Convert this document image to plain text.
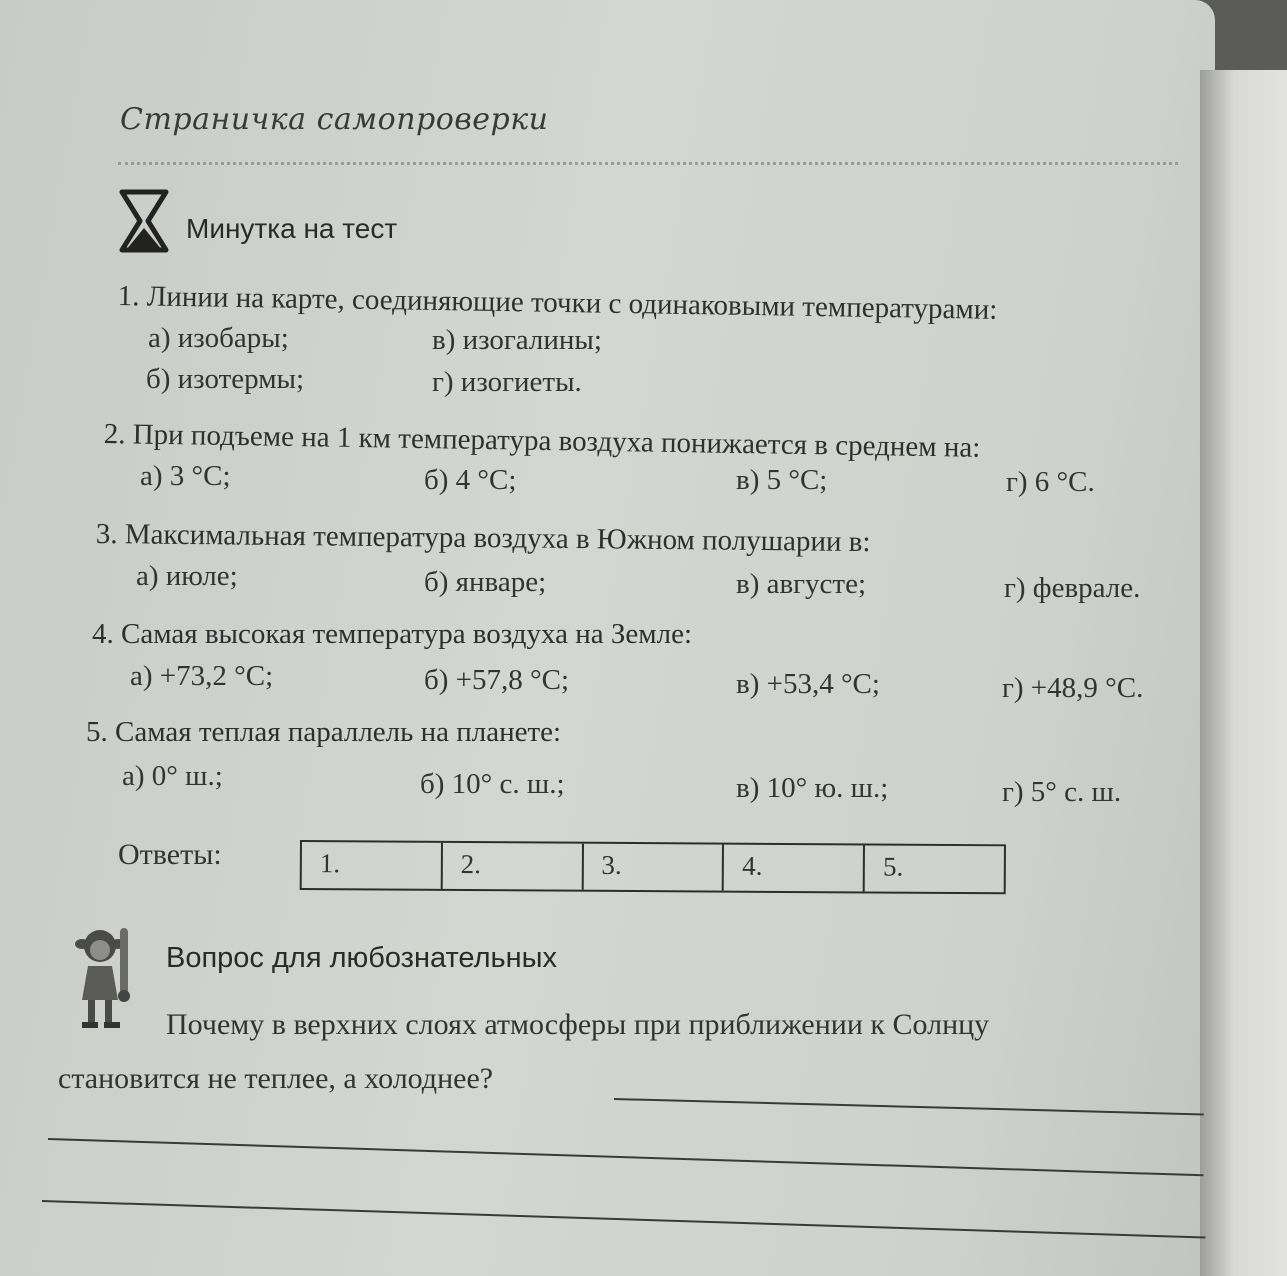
Страничка самопроверки
Минутка на тест
1. Линии на карте, соединяющие точки с одинаковыми температурами:
а) изобары;	в) изогалины;
б) изотермы;	г) изогиеты.
2. При подъеме на 1 км температура воздуха понижается в среднем на:
а) 3 °С;	б) 4 °С;	в) 5 °С;	г) 6 °С.
3. Максимальная температура воздуха в Южном полушарии в:
а) июле;	б) январе;	в) августе;	г) феврале.
4. Самая высокая температура воздуха на Земле:
а) +73,2 °С;	б) +57,8 °С;	в) +53,4 °С;	г) +48,9 °С.
5. Самая теплая параллель на планете:
а) 0° ш.;	б) 10° с. ш.;	в) 10° ю. ш.;	г) 5° с. ш.
Ответы:	1.	2.	3.	4.	5.
Вопрос для любознательных
Почему в верхних слоях атмосферы при приближении к Солнцу
становится не теплее, а холоднее?
